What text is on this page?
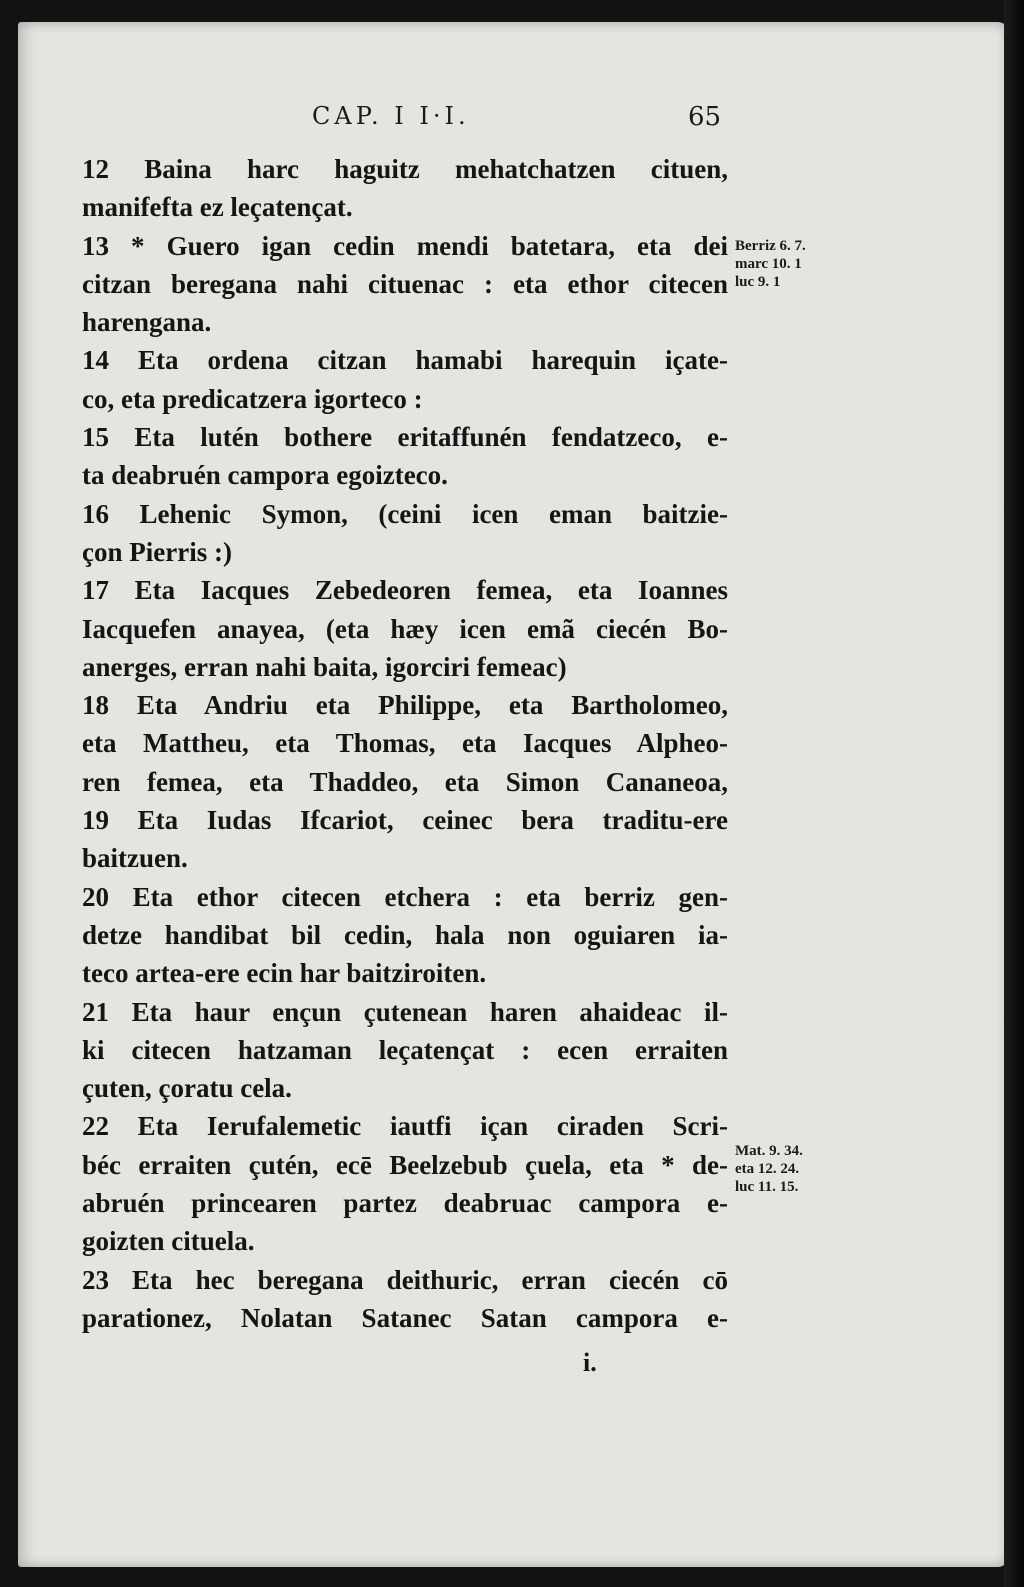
CAP. I I·I.	65
12 Baina harc haguitz mehatchatzen cituen,
manifefta ez leçatençat.
13 * Guero igan cedin mendi batetara, eta dei
citzan beregana nahi cituenac : eta ethor citecen
harengana.
14 Eta ordena citzan hamabi harequin içate-
co, eta predicatzera igorteco :
15 Eta lutén bothere eritaffunén fendatzeco, e-
ta deabruén campora egoizteco.
16 Lehenic Symon, (ceini icen eman baitzie-
çon Pierris :)
17 Eta Iacques Zebedeoren femea, eta Ioannes
Iacquefen anayea, (eta hæy icen emã ciecén Bo-
anerges, erran nahi baita, igorciri femeac)
18 Eta Andriu eta Philippe, eta Bartholomeo,
eta Mattheu, eta Thomas, eta Iacques Alpheo-
ren femea, eta Thaddeo, eta Simon Cananeoa,
19 Eta Iudas Ifcariot, ceinec bera traditu-ere
baitzuen.
20 Eta ethor citecen etchera : eta berriz gen-
detze handibat bil cedin, hala non oguiaren ia-
teco artea-ere ecin har baitziroiten.
21 Eta haur ençun çutenean haren ahaideac il-
ki citecen hatzaman leçatençat : ecen erraiten
çuten, çoratu cela.
22 Eta Ierufalemetic iautfi içan ciraden Scri-
béc erraiten çutén, ecē Beelzebub çuela, eta * de-
abruén princearen partez deabruac campora e-
goizten cituela.
23 Eta hec beregana deithuric, erran ciecén cō
parationez, Nolatan Satanec Satan campora e-
i.
Berriz 6. 7.
marc 10. 1
luc 9. 1
Mat. 9. 34.
eta 12. 24.
luc 11. 15.
